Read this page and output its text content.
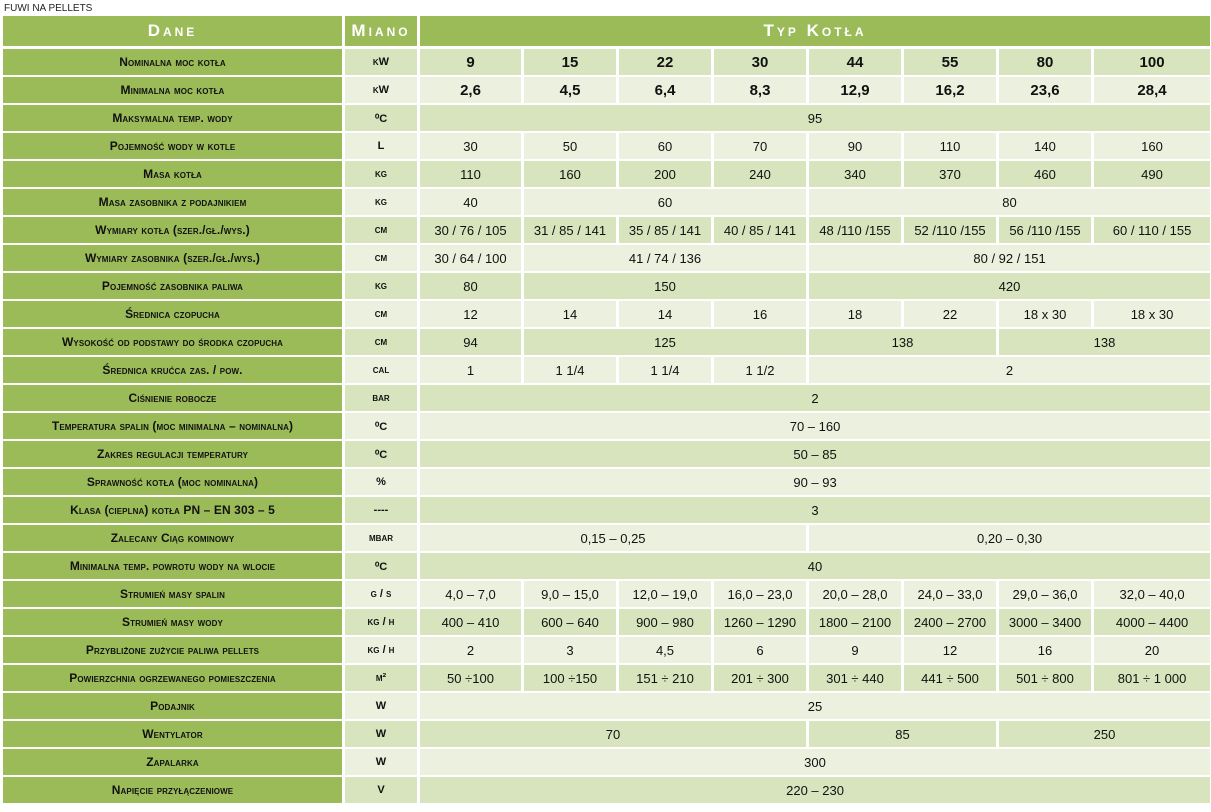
FUWI NA PELLETS
Dane	Miano	Typ Kotła							
Nominalna moc kotła	kW	9	15	22	30	44	55	80	100
Minimalna moc kotła	kW	2,6	4,5	6,4	8,3	12,9	16,2	23,6	28,4
Maksymalna temp. wody	⁰C	95							
Pojemność wody w kotle	L	30	50	60	70	90	110	140	160
Masa kotła	kg	110	160	200	240	340	370	460	490
Masa zasobnika z podajnikiem	kg	40	60			80			
Wymiary kotła (szer./gł./wys.)	cm	30 / 76 / 105	31 / 85 / 141	35 / 85 / 141	40 / 85 / 141	48 /110 /155	52 /110 /155	56 /110 /155	60 / 110 / 155
Wymiary zasobnika (szer./gł./wys.)	cm	30 / 64 / 100	41 / 74 / 136			80 / 92 / 151			
Pojemność zasobnika paliwa	kg	80	150			420			
Średnica czopucha	cm	12	14	14	16	18	22	18 x 30	18 x 30
Wysokość od podstawy do środka czopucha	cm	94	125			138		138	
Średnica krućca zas. / pow.	cal	1	1 1/4	1 1/4	1 1/2	2			
Ciśnienie robocze	bar	2							
Temperatura spalin (moc minimalna – nominalna)	⁰C	70 – 160							
Zakres regulacji temperatury	⁰C	50 – 85							
Sprawność kotła (moc nominalna)	%	90 – 93							
Klasa (cieplna) kotła PN – EN 303 – 5	----	3							
Zalecany Ciąg kominowy	mbar	0,15 – 0,25				0,20 – 0,30			
Minimalna temp. powrotu wody na wlocie	⁰C	40							
Strumień masy spalin	g / s	4,0 – 7,0	9,0 – 15,0	12,0 – 19,0	16,0 – 23,0	20,0 – 28,0	24,0 – 33,0	29,0 – 36,0	32,0 – 40,0
Strumień masy wody	kg / h	400 – 410	600 – 640	900 – 980	1260 – 1290	1800 – 2100	2400 – 2700	3000 – 3400	4000 – 4400
Przybliżone zużycie paliwa pellets	kg / h	2	3	4,5	6	9	12	16	20
Powierzchnia ogrzewanego pomieszczenia	m²	50 ÷100	100 ÷150	151 ÷ 210	201 ÷ 300	301 ÷ 440	441 ÷ 500	501 ÷ 800	801 ÷ 1 000
Podajnik	W	25							
Wentylator	W	70				85		250	
Zapalarka	W	300							
Napięcie przyłączeniowe	V	220 – 230							
